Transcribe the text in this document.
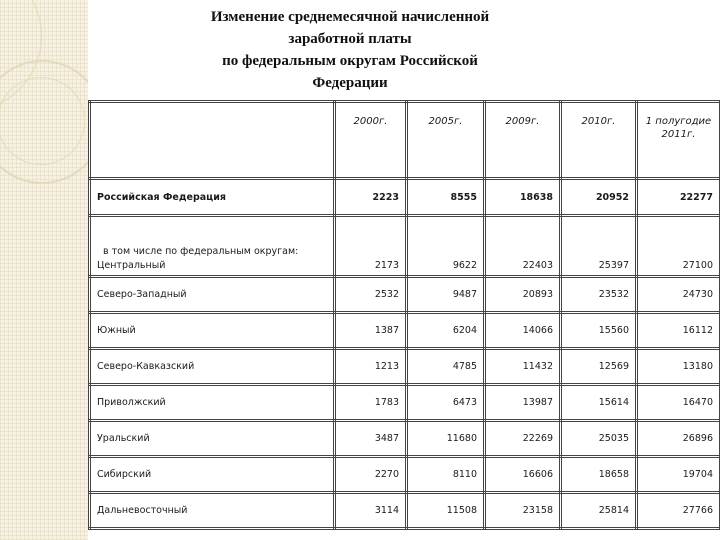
Изменение среднемесячной начисленной
заработной платы
по федеральным округам Российской
Федерации
	2000г.	2005г.	2009г.	2010г.	1 полугодие 2011г.
Российская Федерация	2223	8555	18638	20952	22277

в том числе по федеральным округам:
Центральный	2173	9622	22403	25397	27100
Северо-Западный	2532	9487	20893	23532	24730
Южный	1387	6204	14066	15560	16112
Северо-Кавказский	1213	4785	11432	12569	13180
Приволжский	1783	6473	13987	15614	16470
Уральский	3487	11680	22269	25035	26896
Сибирский	2270	8110	16606	18658	19704
Дальневосточный	3114	11508	23158	25814	27766
